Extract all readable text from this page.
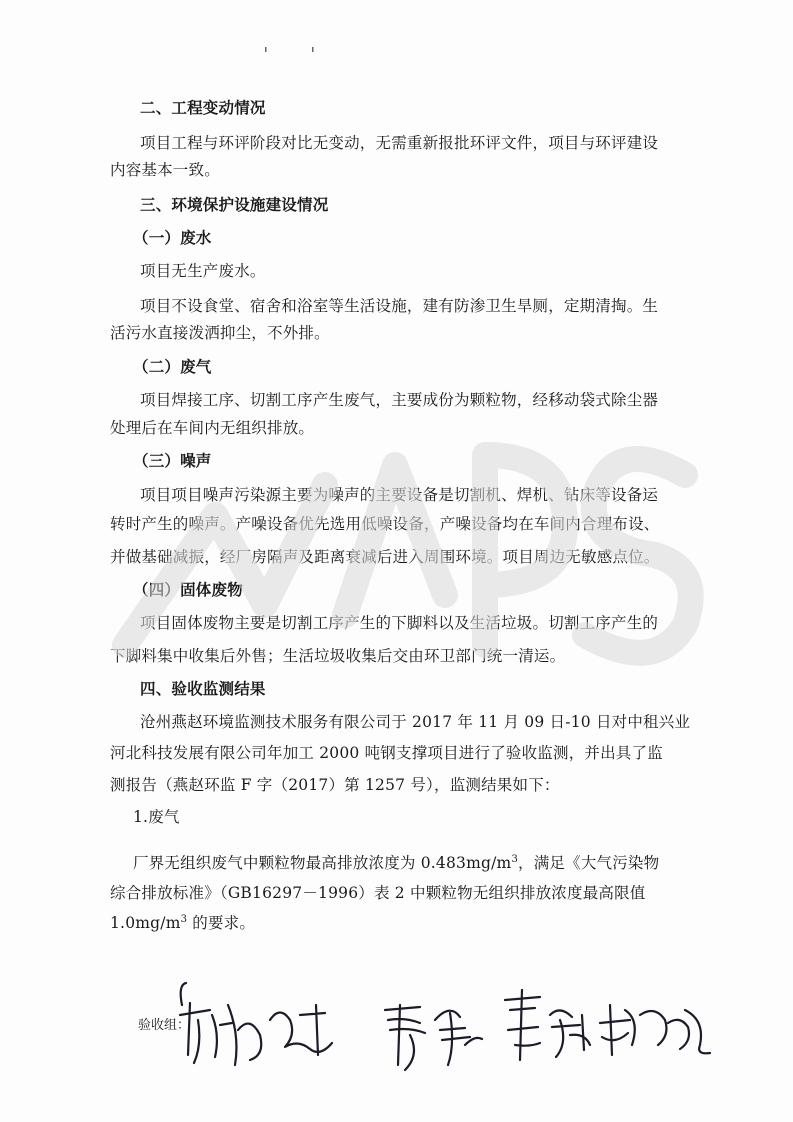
二、工程变动情况
项目工程与环评阶段对比无变动，无需重新报批环评文件，项目与环评建设
内容基本一致。
三、环境保护设施建设情况
（一）废水
项目无生产废水。
项目不设食堂、宿舍和浴室等生活设施，建有防渗卫生旱厕，定期清掏。生
活污水直接泼洒抑尘，不外排。
（二）废气
项目焊接工序、切割工序产生废气，主要成份为颗粒物，经移动袋式除尘器
处理后在车间内无组织排放。
（三）噪声
项目项目噪声污染源主要为噪声的主要设备是切割机、焊机、钻床等设备运
转时产生的噪声。产噪设备优先选用低噪设备，产噪设备均在车间内合理布设、
并做基础减振，经厂房隔声及距离衰减后进入周围环境。项目周边无敏感点位。
（四）固体废物
项目固体废物主要是切割工序产生的下脚料以及生活垃圾。切割工序产生的
下脚料集中收集后外售；生活垃圾收集后交由环卫部门统一清运。
四、验收监测结果
沧州燕赵环境监测技术服务有限公司于 2017 年 11 月 09 日-10 日对中租兴业
河北科技发展有限公司年加工 2000 吨钢支撑项目进行了验收监测，并出具了监
测报告（燕赵环监 F 字（2017）第 1257 号），监测结果如下：
1.废气
厂界无组织废气中颗粒物最高排放浓度为 $0.483mg/m^3$，满足《大气污染物
综合排放标准》（GB16297－1996）表 2 中颗粒物无组织排放浓度最高限值
$1.0mg/m^3$ 的要求。
验收组：
